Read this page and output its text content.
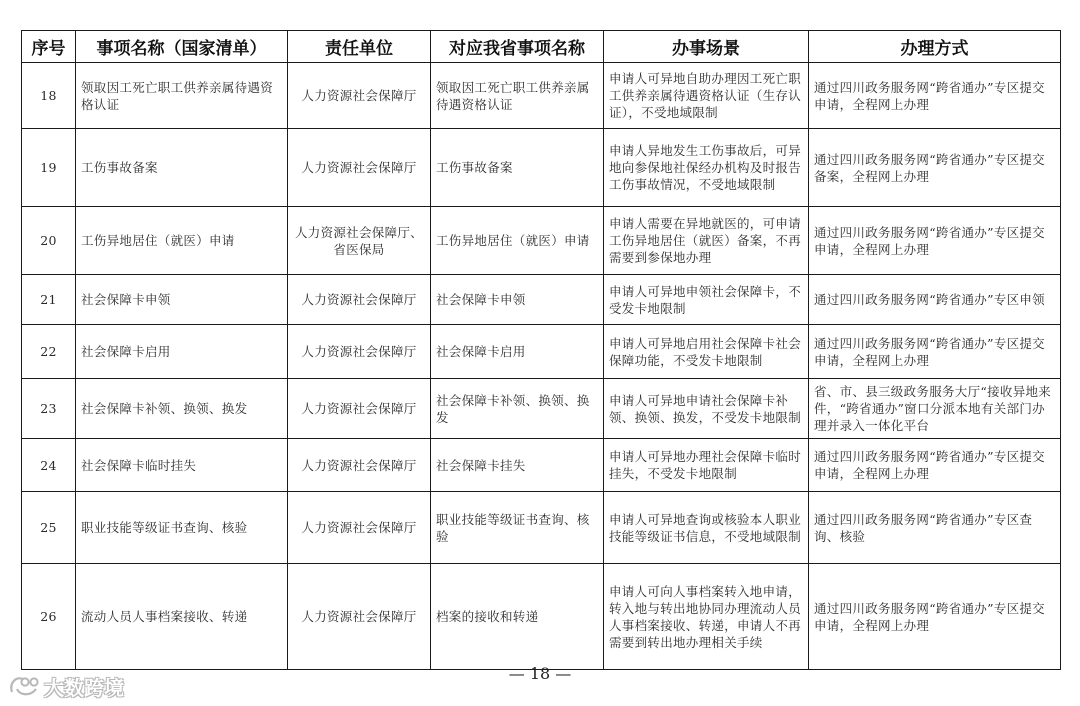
序号	事项名称（国家清单）	责任单位	对应我省事项名称	办事场景	办理方式
18	领取因工死亡职工供养亲属待遇资格认证	人力资源社会保障厅	领取因工死亡职工供养亲属待遇资格认证	申请人可异地自助办理因工死亡职工供养亲属待遇资格认证（生存认证），不受地域限制	通过四川政务服务网“跨省通办”专区提交申请，全程网上办理
19	工伤事故备案	人力资源社会保障厅	工伤事故备案	申请人异地发生工伤事故后，可异地向参保地社保经办机构及时报告工伤事故情况，不受地域限制	通过四川政务服务网“跨省通办”专区提交备案，全程网上办理
20	工伤异地居住（就医）申请	人力资源社会保障厅、省医保局	工伤异地居住（就医）申请	申请人需要在异地就医的，可申请工伤异地居住（就医）备案，不再需要到参保地办理	通过四川政务服务网“跨省通办”专区提交申请，全程网上办理
21	社会保障卡申领	人力资源社会保障厅	社会保障卡申领	申请人可异地申领社会保障卡，不受发卡地限制	通过四川政务服务网“跨省通办”专区申领
22	社会保障卡启用	人力资源社会保障厅	社会保障卡启用	申请人可异地启用社会保障卡社会保障功能，不受发卡地限制	通过四川政务服务网“跨省通办”专区提交申请，全程网上办理
23	社会保障卡补领、换领、换发	人力资源社会保障厅	社会保障卡补领、换领、换发	申请人可异地申请社会保障卡补领、换领、换发，不受发卡地限制	省、市、县三级政务服务大厅“接收异地来件，“跨省通办”窗口分派本地有关部门办理并录入一体化平台
24	社会保障卡临时挂失	人力资源社会保障厅	社会保障卡挂失	申请人可异地办理社会保障卡临时挂失，不受发卡地限制	通过四川政务服务网“跨省通办”专区提交申请，全程网上办理
25	职业技能等级证书查询、核验	人力资源社会保障厅	职业技能等级证书查询、核验	申请人可异地查询或核验本人职业技能等级证书信息，不受地域限制	通过四川政务服务网“跨省通办”专区查询、核验
26	流动人员人事档案接收、转递	人力资源社会保障厅	档案的接收和转递	申请人可向人事档案转入地申请，转入地与转出地协同办理流动人员人事档案接收、转递，申请人不再需要到转出地办理相关手续	通过四川政务服务网“跨省通办”专区提交申请，全程网上办理
— 18 —
大数跨境
